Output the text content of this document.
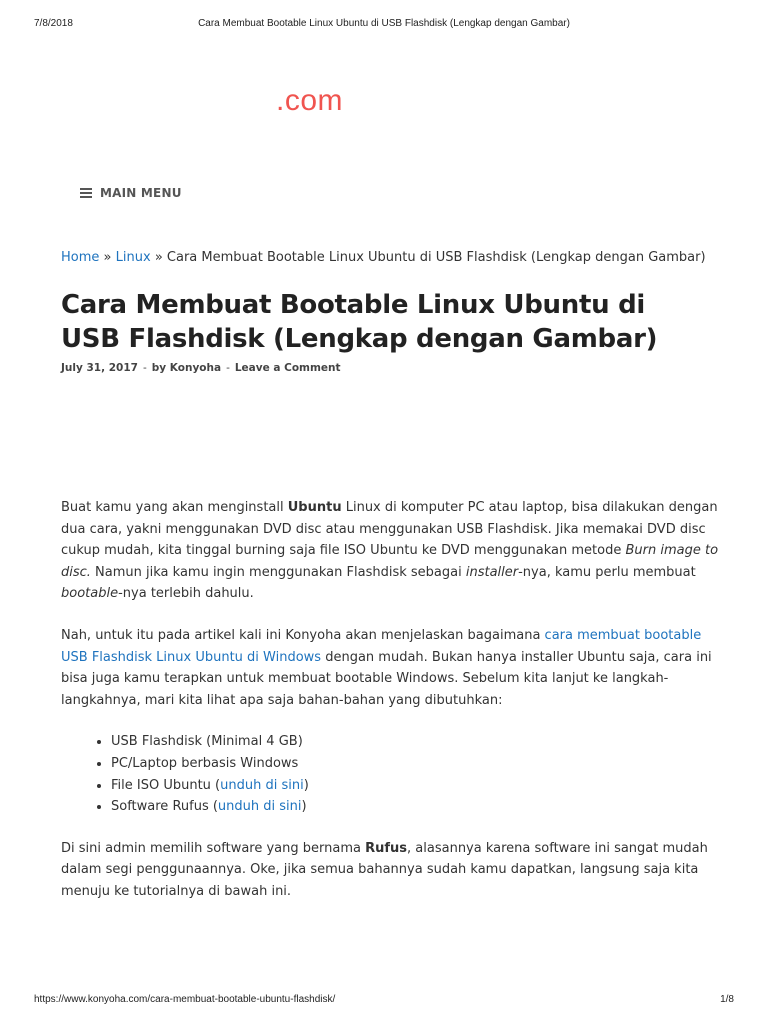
7/8/2018	Cara Membuat Bootable Linux Ubuntu di USB Flashdisk (Lengkap dengan Gambar)
.com
MAIN MENU
Home » Linux » Cara Membuat Bootable Linux Ubuntu di USB Flashdisk (Lengkap dengan Gambar)
Cara Membuat Bootable Linux Ubuntu di USB Flashdisk (Lengkap dengan Gambar)
July 31, 2017 - by Konyoha - Leave a Comment

Buat kamu yang akan menginstall Ubuntu Linux di komputer PC atau laptop, bisa dilakukan dengan dua cara, yakni menggunakan DVD disc atau menggunakan USB Flashdisk. Jika memakai DVD disc cukup mudah, kita tinggal burning saja file ISO Ubuntu ke DVD menggunakan metode Burn image to disc. Namun jika kamu ingin menggunakan Flashdisk sebagai installer-nya, kamu perlu membuat bootable-nya terlebih dahulu.

Nah, untuk itu pada artikel kali ini Konyoha akan menjelaskan bagaimana cara membuat bootable USB Flashdisk Linux Ubuntu di Windows dengan mudah. Bukan hanya installer Ubuntu saja, cara ini bisa juga kamu terapkan untuk membuat bootable Windows. Sebelum kita lanjut ke langkah-langkahnya, mari kita lihat apa saja bahan-bahan yang dibutuhkan:

• USB Flashdisk (Minimal 4 GB)
• PC/Laptop berbasis Windows
• File ISO Ubuntu (unduh di sini)
• Software Rufus (unduh di sini)

Di sini admin memilih software yang bernama Rufus, alasannya karena software ini sangat mudah dalam segi penggunaannya. Oke, jika semua bahannya sudah kamu dapatkan, langsung saja kita menuju ke tutorialnya di bawah ini.

https://www.konyoha.com/cara-membuat-bootable-ubuntu-flashdisk/	1/8
